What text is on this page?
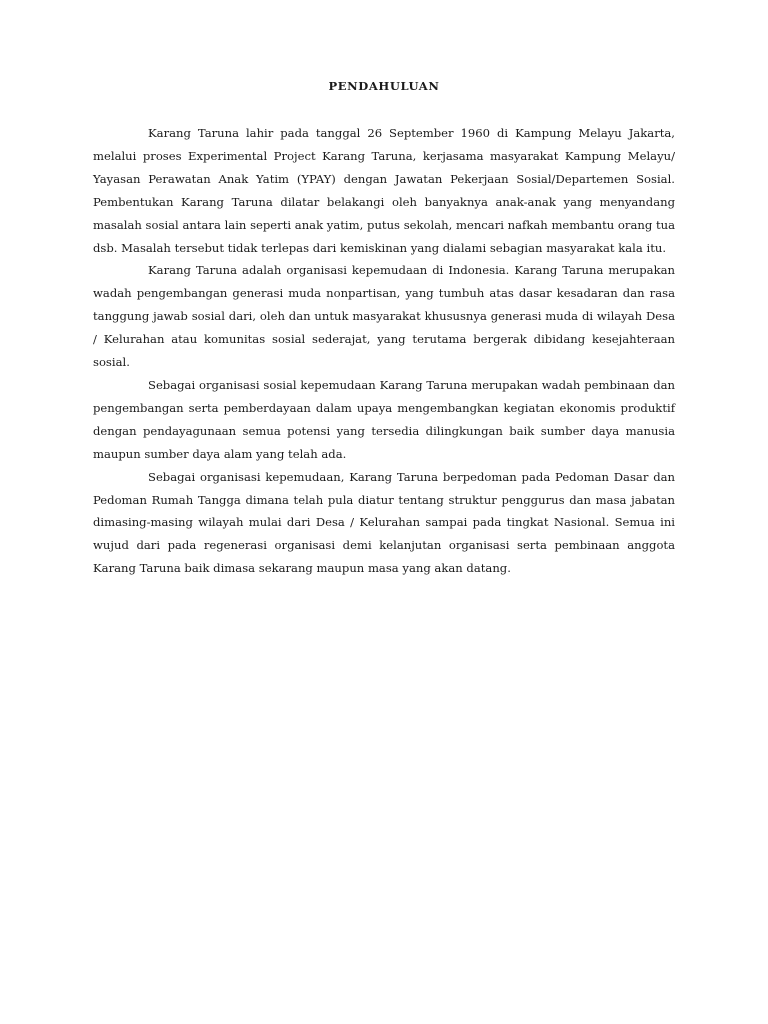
PENDAHULUAN

Karang Taruna lahir pada tanggal 26 September 1960 di Kampung Melayu Jakarta, melalui proses Experimental Project Karang Taruna, kerjasama masyarakat Kampung Melayu/ Yayasan Perawatan Anak Yatim (YPAY) dengan Jawatan Pekerjaan Sosial/Departemen Sosial. Pembentukan Karang Taruna dilatar belakangi oleh banyaknya anak-anak yang menyandang masalah sosial antara lain seperti anak yatim, putus sekolah, mencari nafkah membantu orang tua dsb. Masalah tersebut tidak terlepas dari kemiskinan yang dialami sebagian masyarakat kala itu.

Karang Taruna adalah organisasi kepemudaan di Indonesia. Karang Taruna merupakan wadah pengembangan generasi muda nonpartisan, yang tumbuh atas dasar kesadaran dan rasa tanggung jawab sosial dari, oleh dan untuk masyarakat khususnya generasi muda di wilayah Desa / Kelurahan atau komunitas sosial sederajat, yang terutama bergerak dibidang kesejahteraan sosial.

Sebagai organisasi sosial kepemudaan Karang Taruna merupakan wadah pembinaan dan pengembangan serta pemberdayaan dalam upaya mengembangkan kegiatan ekonomis produktif dengan pendayagunaan semua potensi yang tersedia dilingkungan baik sumber daya manusia maupun sumber daya alam yang telah ada.

Sebagai organisasi kepemudaan, Karang Taruna berpedoman pada Pedoman Dasar dan Pedoman Rumah Tangga dimana telah pula diatur tentang struktur penggurus dan masa jabatan dimasing-masing wilayah mulai dari Desa / Kelurahan sampai pada tingkat Nasional. Semua ini wujud dari pada regenerasi organisasi demi kelanjutan organisasi serta pembinaan anggota Karang Taruna baik dimasa sekarang maupun masa yang akan datang.
